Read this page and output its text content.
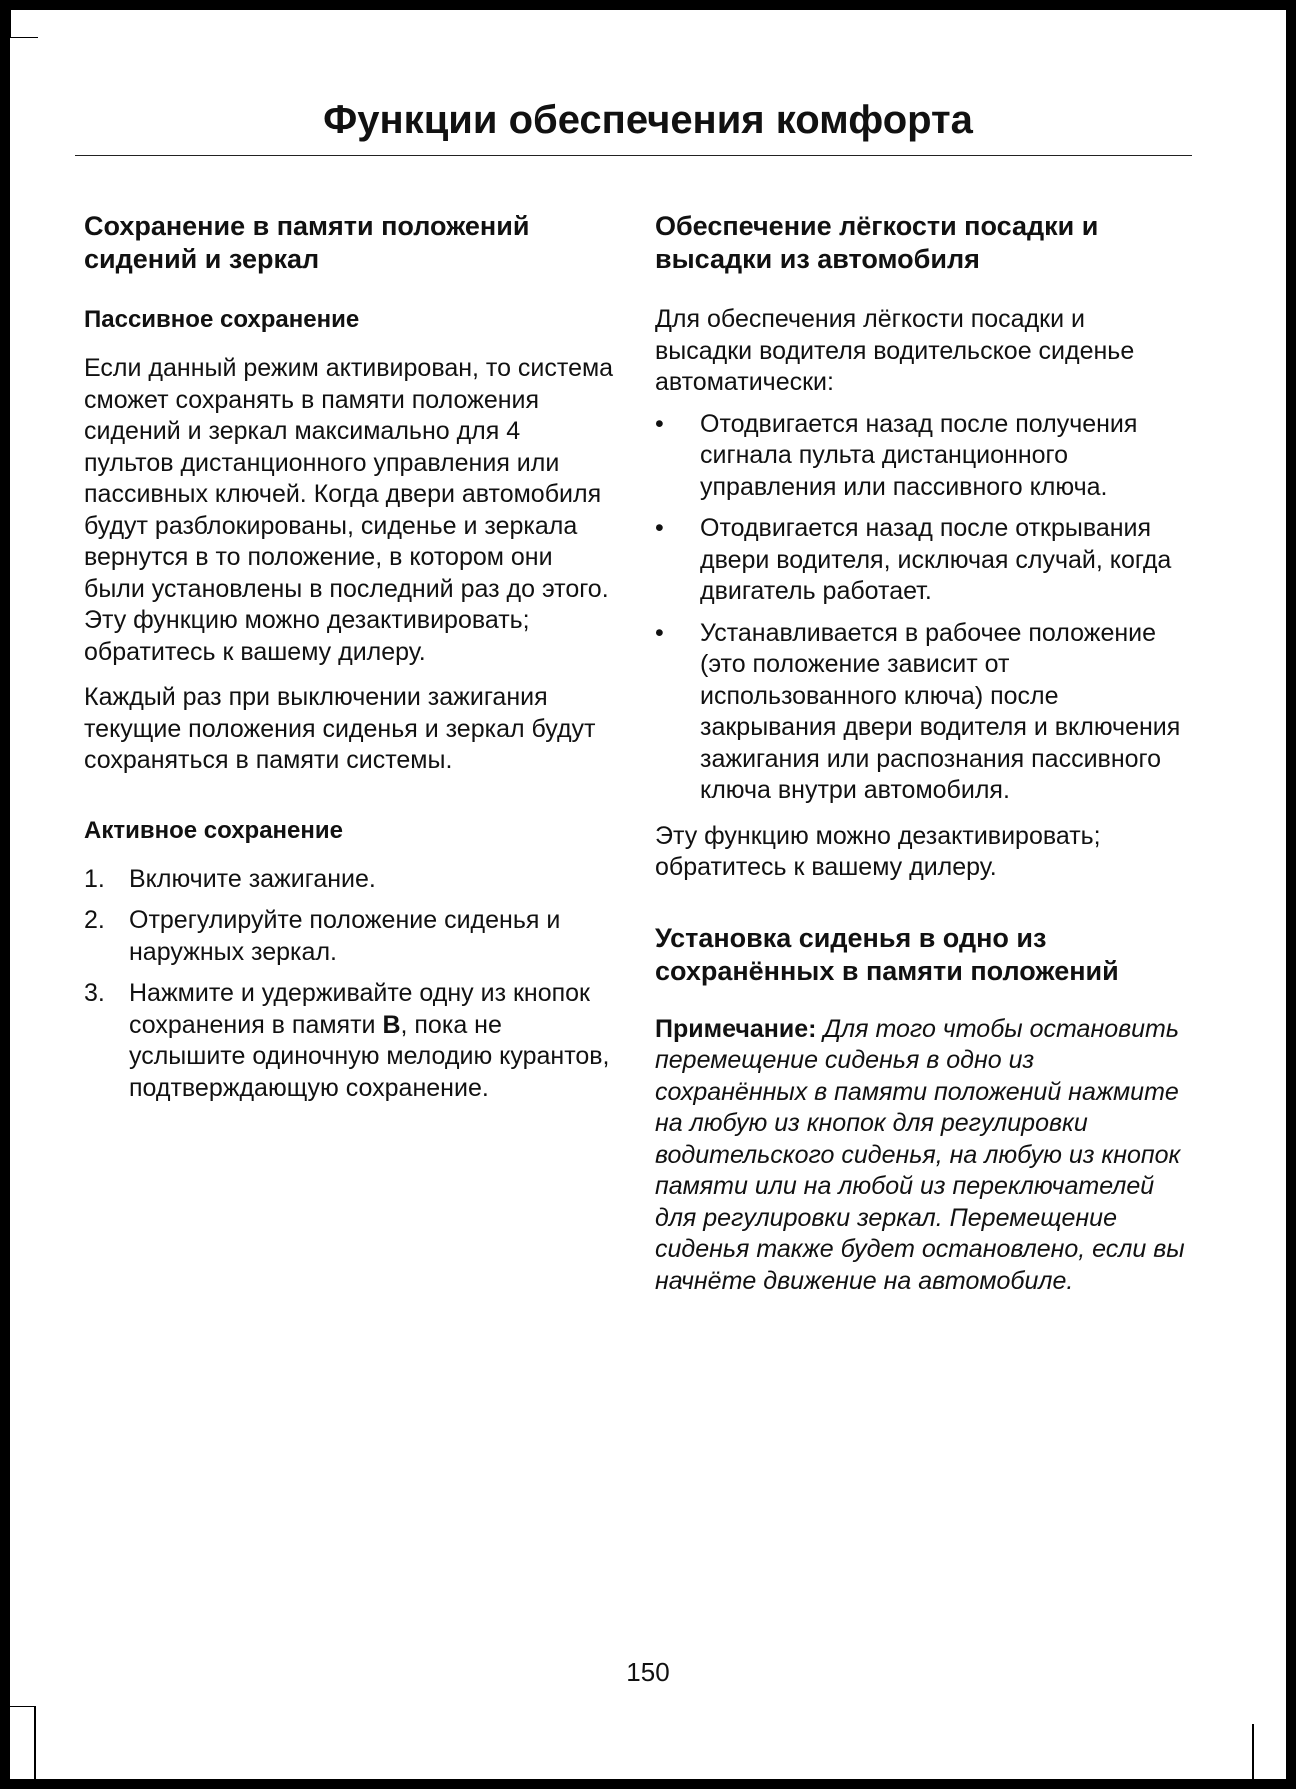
Функции обеспечения комфорта
Сохранение в памяти положений сидений и зеркал
Пассивное сохранение

Если данный режим активирован, то система сможет сохранять в памяти положения сидений и зеркал максимально для 4 пультов дистанционного управления или пассивных ключей. Когда двери автомобиля будут разблокированы, сиденье и зеркала вернутся в то положение, в котором они были установлены в последний раз до этого. Эту функцию можно дезактивировать; обратитесь к вашему дилеру.

Каждый раз при выключении зажигания текущие положения сиденья и зеркал будут сохраняться в памяти системы.

Активное сохранение
1. Включите зажигание.
2. Отрегулируйте положение сиденья и наружных зеркал.
3. Нажмите и удерживайте одну из кнопок сохранения в памяти B, пока не услышите одиночную мелодию курантов, подтверждающую сохранение.
Обеспечение лёгкости посадки и высадки из автомобиля

Для обеспечения лёгкости посадки и высадки водителя водительское сиденье автоматически:

• Отодвигается назад после получения сигнала пульта дистанционного управления или пассивного ключа.
• Отодвигается назад после открывания двери водителя, исключая случай, когда двигатель работает.
• Устанавливается в рабочее положение (это положение зависит от использованного ключа) после закрывания двери водителя и включения зажигания или распознания пассивного ключа внутри автомобиля.

Эту функцию можно дезактивировать; обратитесь к вашему дилеру.

Установка сиденья в одно из сохранённых в памяти положений

Примечание: Для того чтобы остановить перемещение сиденья в одно из сохранённых в памяти положений нажмите на любую из кнопок для регулировки водительского сиденья, на любую из кнопок памяти или на любой из переключателей для регулировки зеркал. Перемещение сиденья также будет остановлено, если вы начнёте движение на автомобиле.

150
